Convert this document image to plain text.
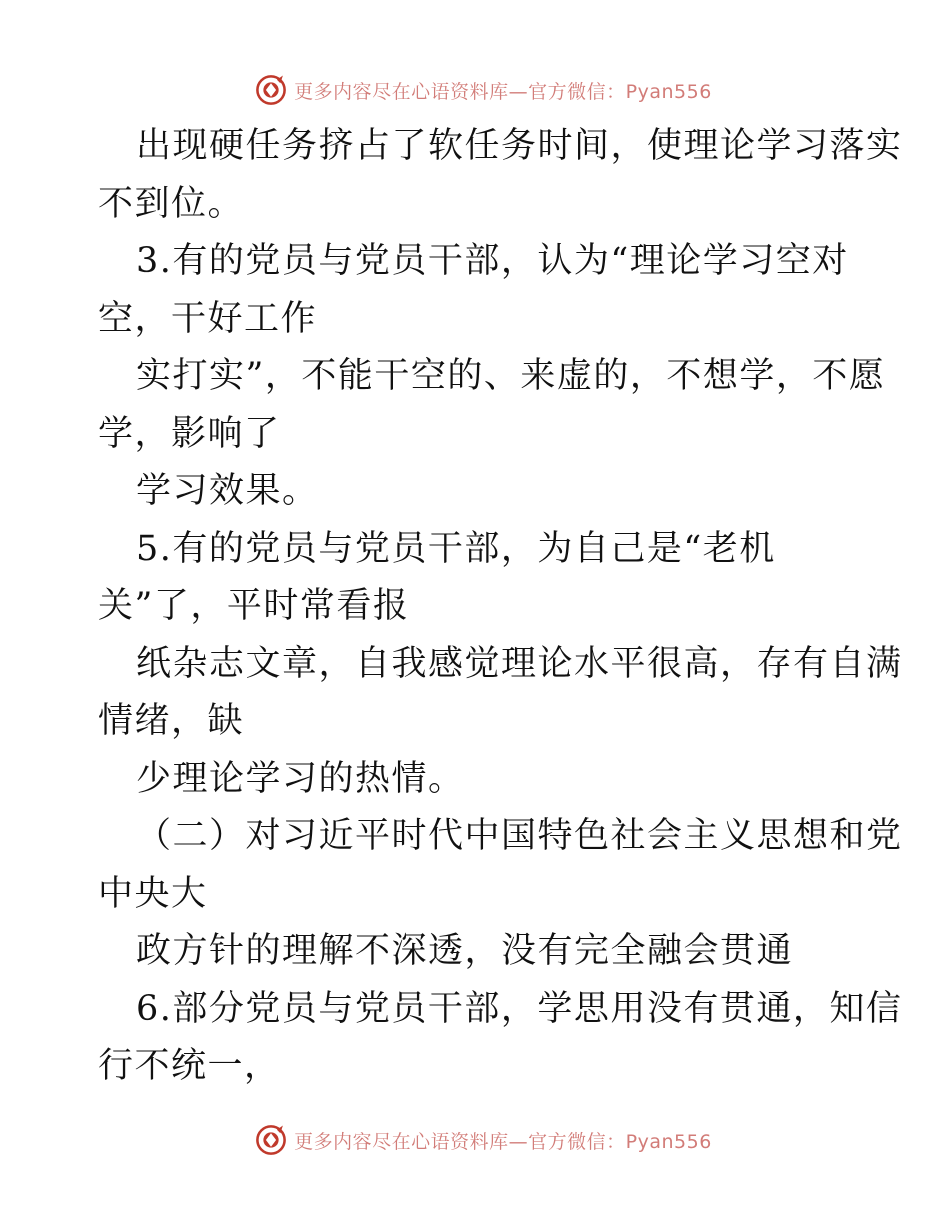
更多内容尽在心语资料库—官方微信：Pyan556
出现硬任务挤占了软任务时间，使理论学习落实
不到位。
3.有的党员与党员干部，认为“理论学习空对
空，干好工作
实打实”，不能干空的、来虚的，不想学，不愿
学，影响了
学习效果。
5.有的党员与党员干部，为自己是“老机
关”了，平时常看报
纸杂志文章，自我感觉理论水平很高，存有自满
情绪，缺
少理论学习的热情。
（二）对习近平时代中国特色社会主义思想和党
中央大
政方针的理解不深透，没有完全融会贯通
6.部分党员与党员干部，学思用没有贯通，知信
行不统一，
更多内容尽在心语资料库—官方微信：Pyan556
